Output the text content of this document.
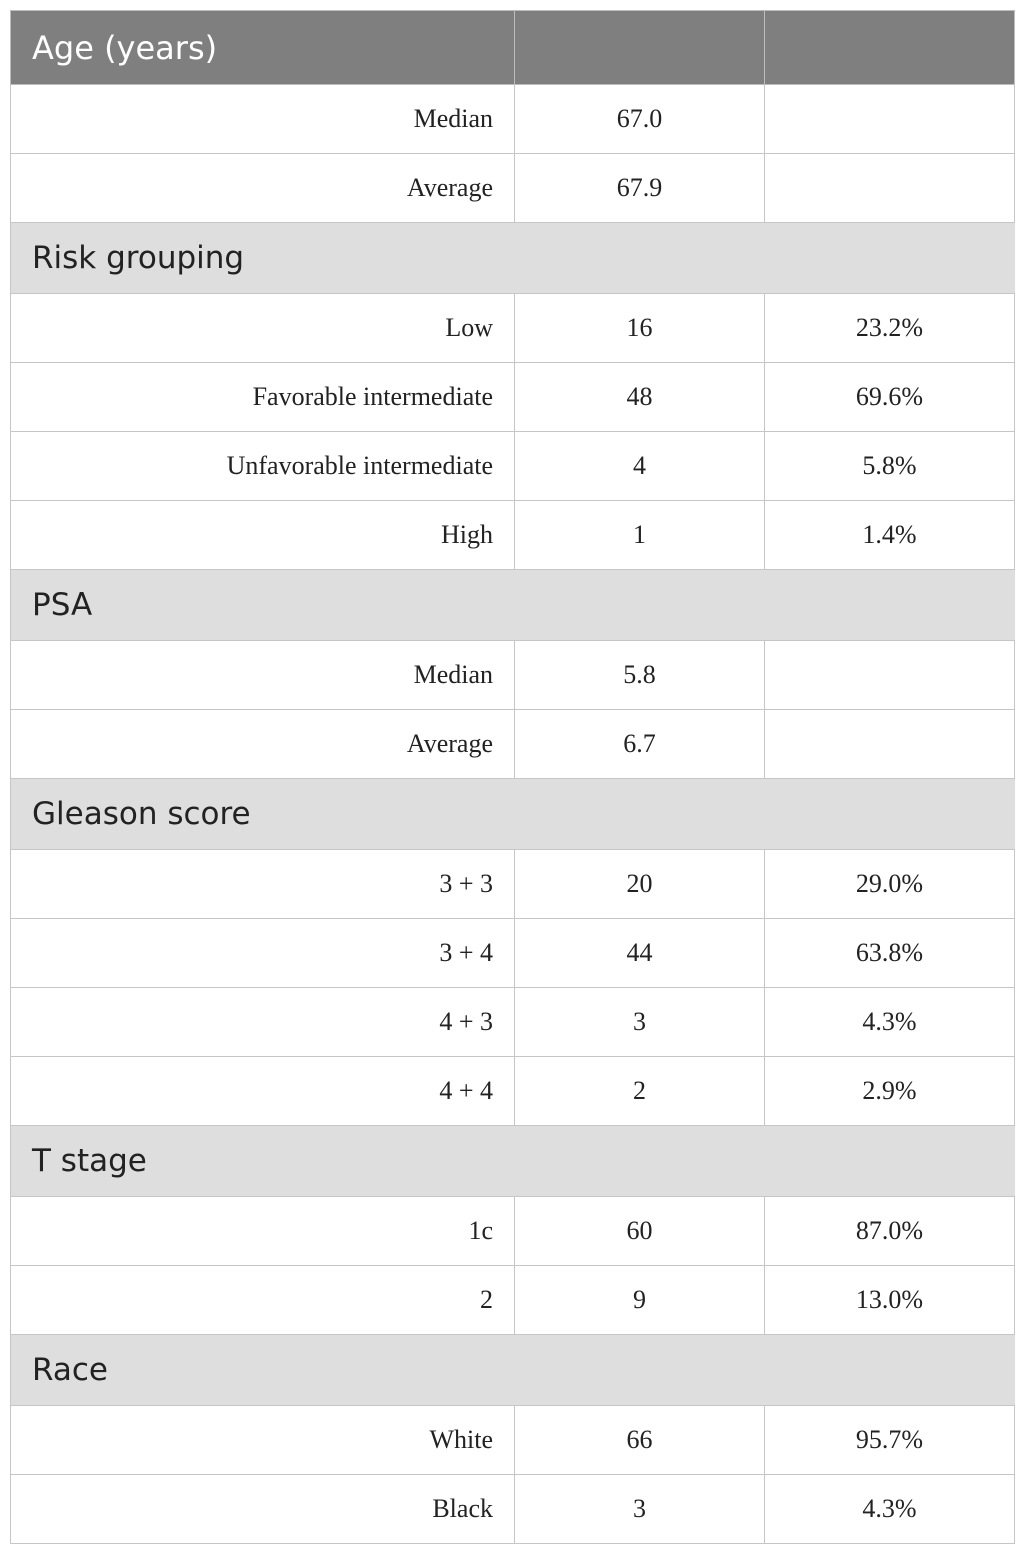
Age (years)		
Median	67.0	
Average	67.9	
Risk grouping		
Low	16	23.2%
Favorable intermediate	48	69.6%
Unfavorable intermediate	4	5.8%
High	1	1.4%
PSA		
Median	5.8	
Average	6.7	
Gleason score		
3 + 3	20	29.0%
3 + 4	44	63.8%
4 + 3	3	4.3%
4 + 4	2	2.9%
T stage		
1c	60	87.0%
2	9	13.0%
Race		
White	66	95.7%
Black	3	4.3%
